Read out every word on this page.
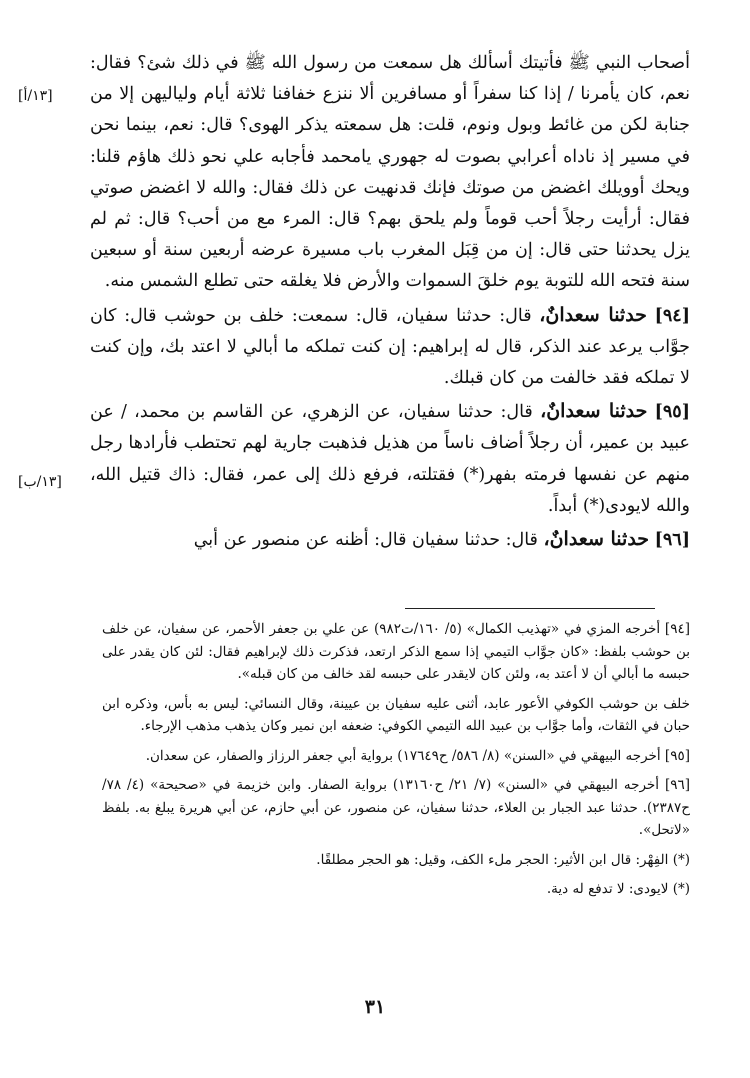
أصحاب النبي ﷺ فأتيتك أسألك هل سمعت من رسول الله ﷺ في ذلك شئ؟ فقال: نعم، كان يأمرنا / إذا كنا سفراً أو مسافرين ألا ننزع خفافنا ثلاثة أيام ولياليهن إلا من جنابة لكن من غائط وبول ونوم، قلت: هل سمعته يذكر الهوى؟ قال: نعم، بينما نحن في مسير إذ ناداه أعرابي بصوت له جهوري يامحمد فأجابه علي نحو ذلك هاؤم قلنا: ويحك أوويلك اغضض من صوتك فإنك قدنهيت عن ذلك فقال: والله لا اغضض صوتي فقال: أرأيت رجلاً أحب قوماً ولم يلحق بهم؟ قال: المرء مع من أحب؟ قال: ثم لم يزل يحدثنا حتى قال: إن من قِبَل المغرب باب مسيرة عرضه أربعين سنة أو سبعين سنة فتحه الله للتوبة يوم خلقَ السموات والأرض فلا يغلقه حتى تطلع الشمس منه.

[٩٤] حدثنا سعدانٌ، قال: حدثنا سفيان، قال: سمعت: خلف بن حوشب قال: كان جوَّاب يرعد عند الذكر، قال له إبراهيم: إن كنت تملكه ما أبالي لا اعتد بك، وإن كنت لا تملكه فقد خالفت من كان قبلك.

[٩٥] حدثنا سعدانٌ، قال: حدثنا سفيان، عن الزهري، عن القاسم بن محمد، / عن عبيد بن عمير، أن رجلاً أضاف ناساً من هذيل فذهبت جارية لهم تحتطب فأرادها رجل منهم عن نفسها فرمته بفهر(*) فقتلته، فرفع ذلك إلى عمر، فقال: ذاك قتيل الله، والله لايودى(*) أبداً.

[٩٦] حدثنا سعدانٌ، قال: حدثنا سفيان قال: أظنه عن منصور عن أبي

[١٣/أ]
[١٣/ب]

[٩٤] أخرجه المزي في «تهذيب الكمال» (٥/ ١٦٠/ت٩٨٢) عن علي بن جعفر الأحمر، عن سفيان، عن خلف بن حوشب بلفظ: «كان جوَّاب التيمي إذا سمع الذكر ارتعد، فذكرت ذلك لإبراهيم فقال: لئن كان يقدر على حبسه ما أبالي أن لا أعتد به، ولئن كان لايقدر على حبسه لقد خالف من كان قبله».

خلف بن حوشب الكوفي الأعور عابد، أثنى عليه سفيان بن عيينة، وقال النسائي: ليس به بأس، وذكره ابن حبان في الثقات، وأما جوَّاب بن عبيد الله التيمي الكوفي: ضعفه ابن نمير وكان يذهب مذهب الإرجاء.

[٩٥] أخرجه البيهقي في «السنن» (٨/ ٥٨٦/ ح١٧٦٤٩) برواية أبي جعفر الرزاز والصفار، عن سعدان.

[٩٦] أخرجه البيهقي في «السنن» (٧/ ٢١/ ح١٣١٦٠) برواية الصفار. وابن خزيمة في «صحيحة» (٤/ ٧٨/ ح٢٣٨٧). حدثنا عبد الجبار بن العلاء، حدثنا سفيان، عن منصور، عن أبي حازم، عن أبي هريرة يبلغ به. بلفظ «لاتحل».

(*) الفِهْر: قال ابن الأثير: الحجر ملء الكف، وقيل: هو الحجر مطلقًا.

(*) لايودى: لا تدفع له دية.

٣١
